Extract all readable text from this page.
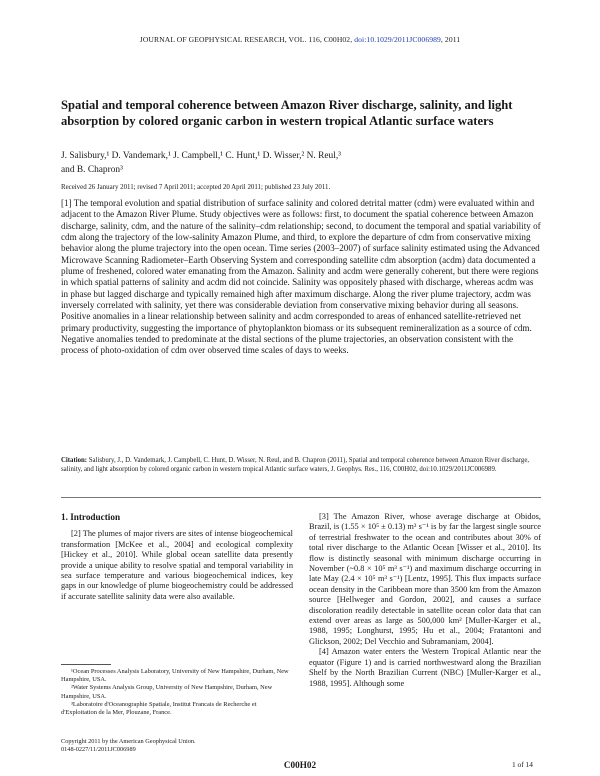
JOURNAL OF GEOPHYSICAL RESEARCH, VOL. 116, C00H02, doi:10.1029/2011JC006989, 2011
Spatial and temporal coherence between Amazon River discharge, salinity, and light absorption by colored organic carbon in western tropical Atlantic surface waters
J. Salisbury,¹ D. Vandemark,¹ J. Campbell,¹ C. Hunt,¹ D. Wisser,² N. Reul,³
and B. Chapron³
Received 26 January 2011; revised 7 April 2011; accepted 20 April 2011; published 23 July 2011.
[1] The temporal evolution and spatial distribution of surface salinity and colored detrital matter (cdm) were evaluated within and adjacent to the Amazon River Plume. Study objectives were as follows: first, to document the spatial coherence between Amazon discharge, salinity, cdm, and the nature of the salinity–cdm relationship; second, to document the temporal and spatial variability of cdm along the trajectory of the low-salinity Amazon Plume, and third, to explore the departure of cdm from conservative mixing behavior along the plume trajectory into the open ocean. Time series (2003–2007) of surface salinity estimated using the Advanced Microwave Scanning Radiometer–Earth Observing System and corresponding satellite cdm absorption (acdm) data documented a plume of freshened, colored water emanating from the Amazon. Salinity and acdm were generally coherent, but there were regions in which spatial patterns of salinity and acdm did not coincide. Salinity was oppositely phased with discharge, whereas acdm was in phase but lagged discharge and typically remained high after maximum discharge. Along the river plume trajectory, acdm was inversely correlated with salinity, yet there was considerable deviation from conservative mixing behavior during all seasons. Positive anomalies in a linear relationship between salinity and acdm corresponded to areas of enhanced satellite-retrieved net primary productivity, suggesting the importance of phytoplankton biomass or its subsequent remineralization as a source of cdm. Negative anomalies tended to predominate at the distal sections of the plume trajectories, an observation consistent with the process of photo-oxidation of cdm over observed time scales of days to weeks.
Citation: Salisbury, J., D. Vandemark, J. Campbell, C. Hunt, D. Wisser, N. Reul, and B. Chapron (2011), Spatial and temporal coherence between Amazon River discharge, salinity, and light absorption by colored organic carbon in western tropical Atlantic surface waters, J. Geophys. Res., 116, C00H02, doi:10.1029/2011JC006989.
1. Introduction

[2] The plumes of major rivers are sites of intense biogeochemical transformation [McKee et al., 2004] and ecological complexity [Hickey et al., 2010]. While global ocean satellite data presently provide a unique ability to resolve spatial and temporal variability in sea surface temperature and various biogeochemical indices, key gaps in our knowledge of plume biogeochemistry could be addressed if accurate satellite salinity data were also available.

[3] The Amazon River, whose average discharge at Obidos, Brazil, is (1.55 × 10⁵ ± 0.13) m³ s⁻¹ is by far the largest single source of terrestrial freshwater to the ocean and contributes about 30% of total river discharge to the Atlantic Ocean [Wisser et al., 2010]. Its flow is distinctly seasonal with minimum discharge occurring in November (~0.8 × 10⁵ m³ s⁻¹) and maximum discharge occurring in late May (2.4 × 10⁵ m³ s⁻¹) [Lentz, 1995]. This flux impacts surface ocean density in the Caribbean more than 3500 km from the Amazon source [Hellweger and Gordon, 2002], and causes a surface discoloration readily detectable in satellite ocean color data that can extend over areas as large as 500,000 km² [Muller-Karger et al., 1988, 1995; Longhurst, 1995; Hu et al., 2004; Fratantoni and Glickson, 2002; Del Vecchio and Subramaniam, 2004].

[4] Amazon water enters the Western Tropical Atlantic near the equator (Figure 1) and is carried northwestward along the Brazilian Shelf by the North Brazilian Current (NBC) [Muller-Karger et al., 1988, 1995]. Although some

¹Ocean Processes Analysis Laboratory, University of New Hampshire, Durham, New Hampshire, USA.
²Water Systems Analysis Group, University of New Hampshire, Durham, New Hampshire, USA.
³Laboratoire d'Oceanographie Spatiale, Institut Francais de Recherche et d'Exploitation de la Mer, Plouzane, France.
Copyright 2011 by the American Geophysical Union.
0148-0227/11/2011JC006989
C00H02	1 of 14
